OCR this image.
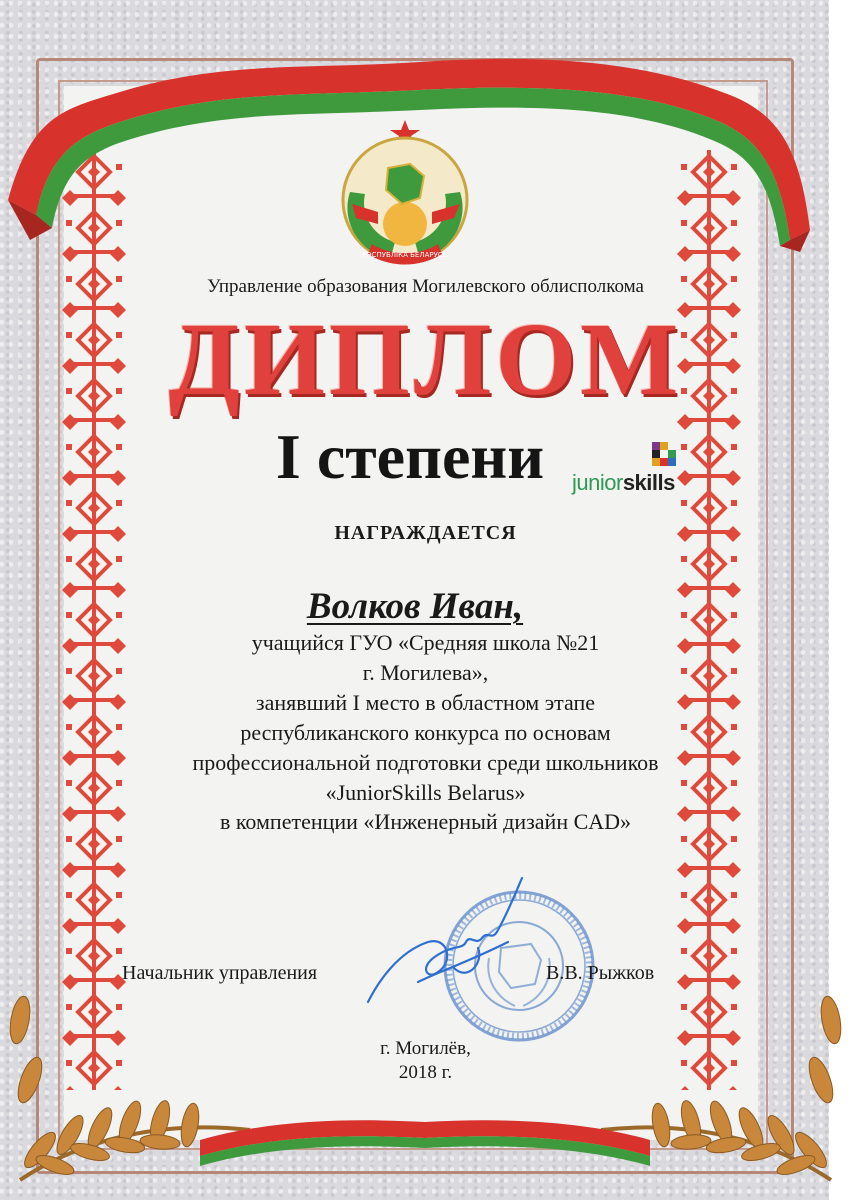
РЭСПУБЛІКА БЕЛАРУСЬ
Управление образования Могилевского облисполкома
ДИПЛОМ
I степени	juniorskills
НАГРАЖДАЕТСЯ
Волков Иван,
учащийся ГУО «Средняя школа №21
г. Могилева»,
занявший I место в областном этапе
республиканского конкурса по основам
профессиональной подготовки среди школьников
«JuniorSkills Belarus»
в компетенции «Инженерный дизайн CAD»
Начальник управления	В.В. Рыжков
г. Могилёв,
2018 г.
